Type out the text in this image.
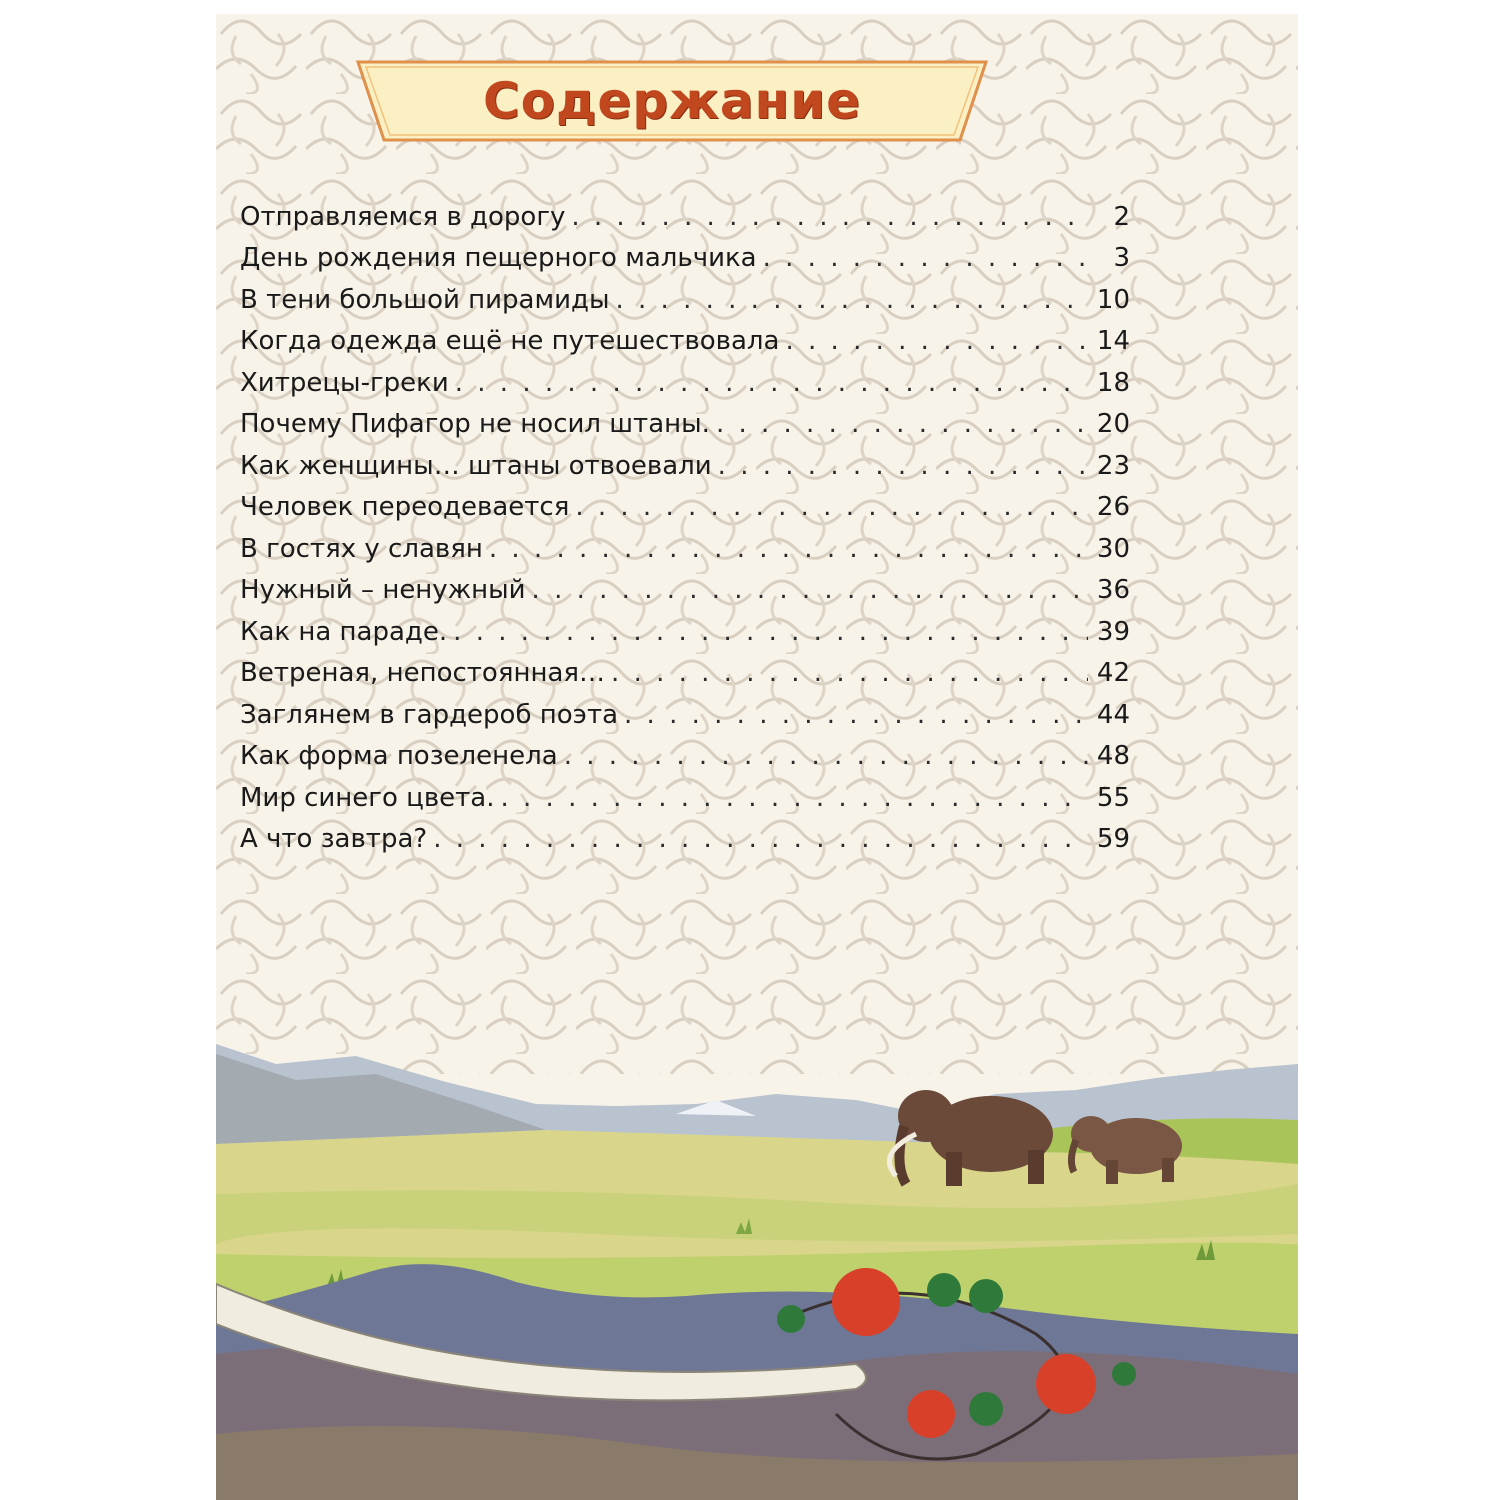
Содержание
Отправляемся в дорогу . . .	2
День рождения пещерного мальчика . . .	3
В тени большой пирамиды . . .	10
Когда одежда ещё не путешествовала . . .	14
Хитрецы-греки . . .	18
Почему Пифагор не носил штаны. . . .	20
Как женщины… штаны отвоевали . . .	23
Человек переодевается . . .	26
В гостях у славян . . .	30
Нужный – ненужный . . .	36
Как на параде. . . .	39
Ветреная, непостоянная… . . .	42
Заглянем в гардероб поэта . . .	44
Как форма позеленела . . .	48
Мир синего цвета. . . .	55
А что завтра? . . .	59
